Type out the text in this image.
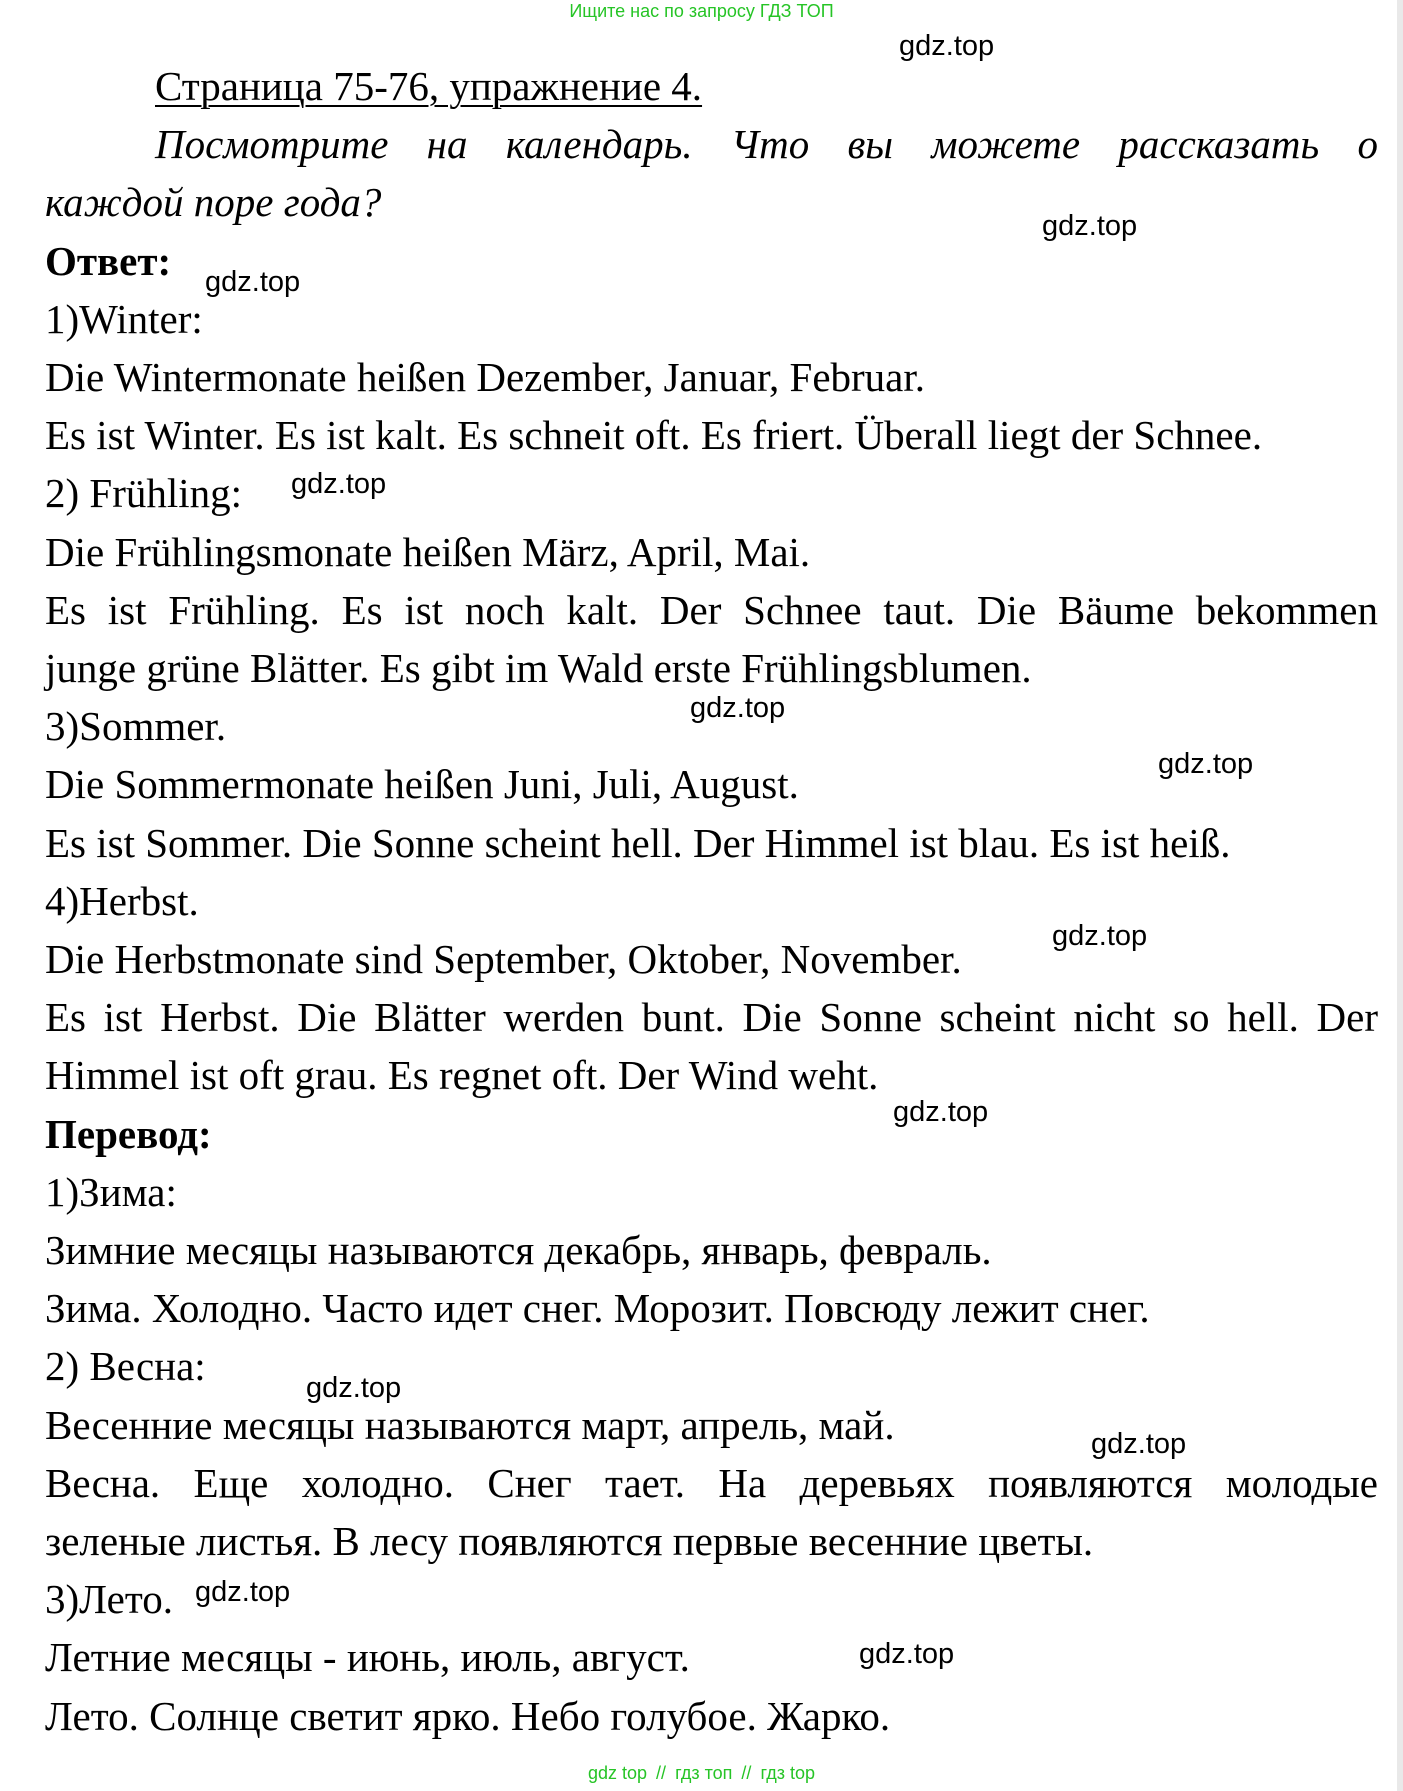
Ищите нас по запросу ГДЗ ТОП
Страница 75-76, упражнение 4.
Посмотрите на календарь. Что вы можете рассказать о
каждой поре года?
Ответ:
1)Winter:
Die Wintermonate heißen Dezember, Januar, Februar.
Es ist Winter. Es ist kalt. Es schneit oft. Es friert. Überall liegt der Schnee.
2) Frühling:
Die Frühlingsmonate heißen März, April, Mai.
Es ist Frühling. Es ist noch kalt. Der Schnee taut. Die Bäume bekommen
junge grüne Blätter. Es gibt im Wald erste Frühlingsblumen.
3)Sommer.
Die Sommermonate heißen Juni, Juli, August.
Es ist Sommer. Die Sonne scheint hell. Der Himmel ist blau. Es ist heiß.
4)Herbst.
Die Herbstmonate sind September, Oktober, November.
Es ist Herbst. Die Blätter werden bunt. Die Sonne scheint nicht so hell. Der
Himmel ist oft grau. Es regnet oft. Der Wind weht.
Перевод:
1)Зима:
Зимние месяцы называются декабрь, январь, февраль.
Зима. Холодно. Часто идет снег. Морозит. Повсюду лежит снег.
2) Весна:
Весенние месяцы называются март, апрель, май.
Весна. Еще холодно. Снег тает. На деревьях появляются молодые
зеленые листья. В лесу появляются первые весенние цветы.
3)Лето.
Летние месяцы - июнь, июль, август.
Лето. Солнце светит ярко. Небо голубое. Жарко.
gdz.top
gdz.top
gdz.top
gdz.top
gdz.top
gdz.top
gdz.top
gdz.top
gdz.top
gdz.top
gdz.top
gdz.top
gdz top // гдз топ // гдз top
